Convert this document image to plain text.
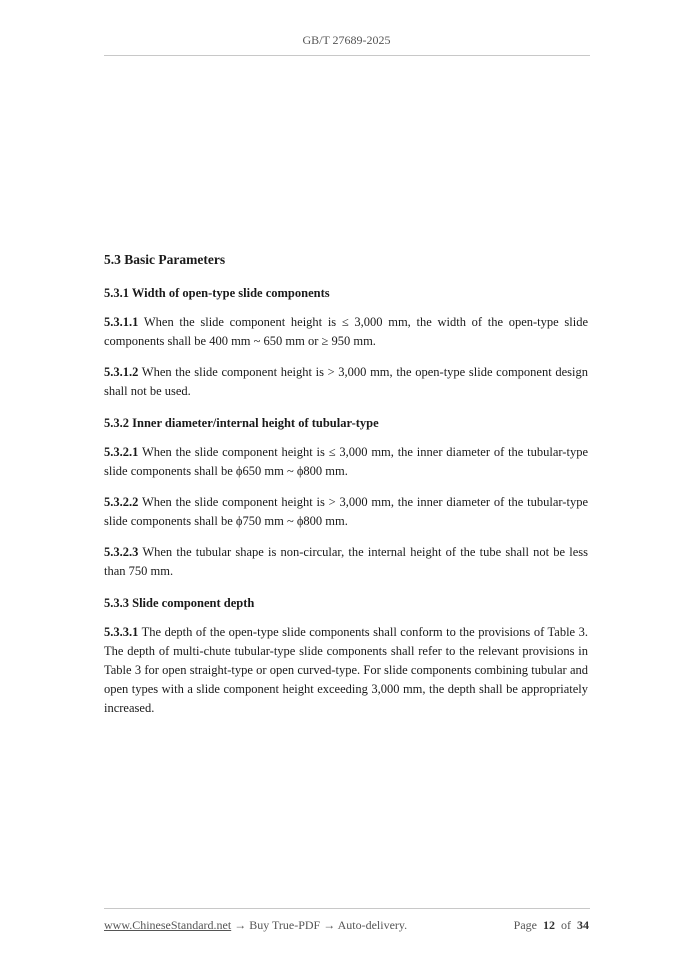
GB/T 27689-2025
5.3 Basic Parameters
5.3.1 Width of open-type slide components

5.3.1.1 When the slide component height is ≤ 3,000 mm, the width of the open-type slide components shall be 400 mm ~ 650 mm or ≥ 950 mm.

5.3.1.2 When the slide component height is > 3,000 mm, the open-type slide component design shall not be used.

5.3.2 Inner diameter/internal height of tubular-type

5.3.2.1 When the slide component height is ≤ 3,000 mm, the inner diameter of the tubular-type slide components shall be ϕ650 mm ~ ϕ800 mm.

5.3.2.2 When the slide component height is > 3,000 mm, the inner diameter of the tubular-type slide components shall be ϕ750 mm ~ ϕ800 mm.

5.3.2.3 When the tubular shape is non-circular, the internal height of the tube shall not be less than 750 mm.

5.3.3 Slide component depth

5.3.3.1 The depth of the open-type slide components shall conform to the provisions of Table 3. The depth of multi-chute tubular-type slide components shall refer to the relevant provisions in Table 3 for open straight-type or open curved-type. For slide components combining tubular and open types with a slide component height exceeding 3,000 mm, the depth shall be appropriately increased.

www.ChineseStandard.net → Buy True-PDF → Auto-delivery.	Page 12 of 34
